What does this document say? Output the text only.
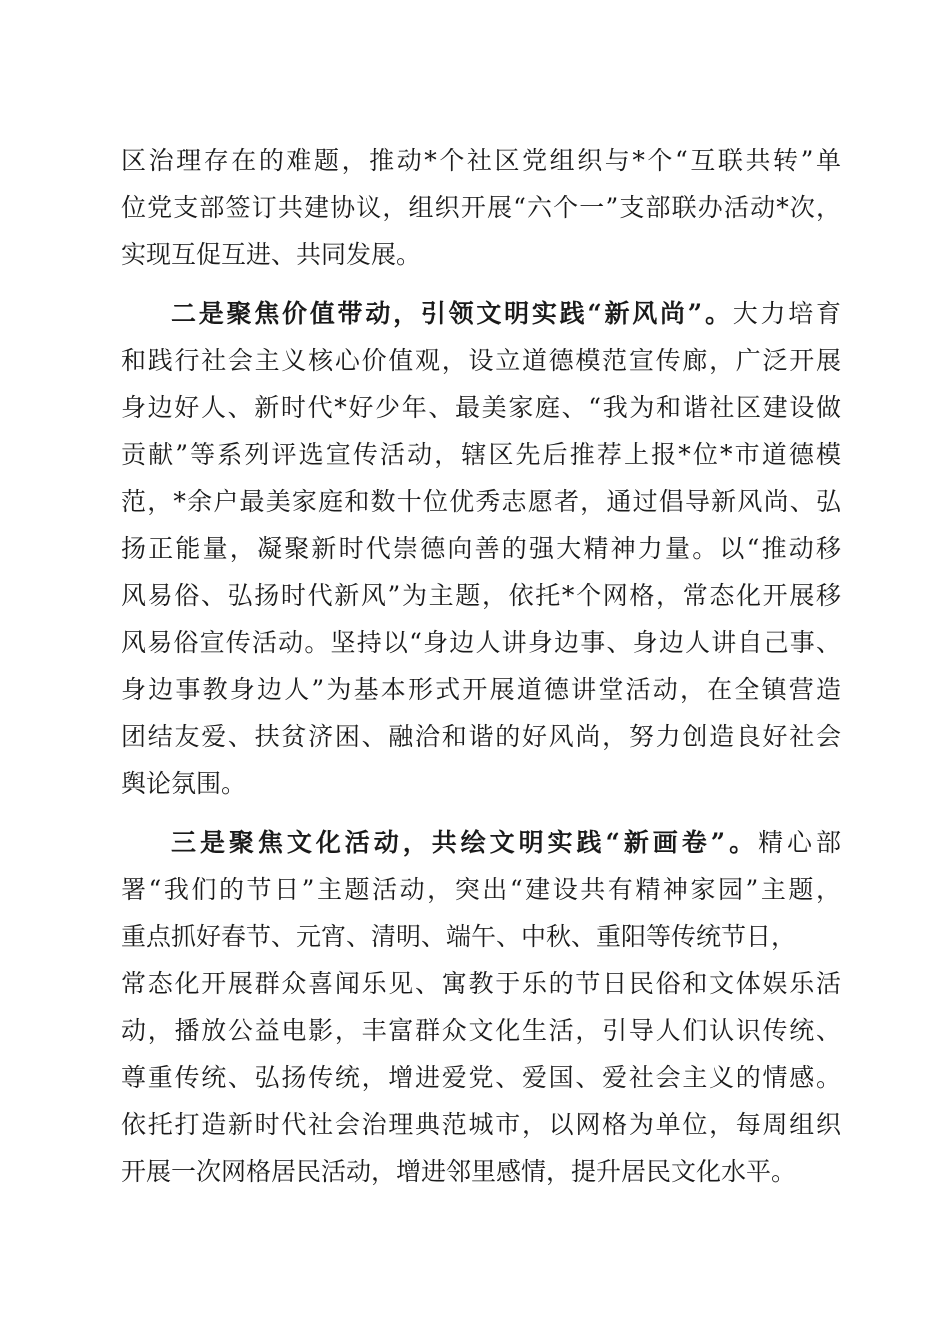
区治理存在的难题，推动*个社区党组织与*个“互联共转”单
位党支部签订共建协议，组织开展“六个一”支部联办活动*次，
实现互促互进、共同发展。
二是聚焦价值带动，引领文明实践“新风尚”。大力培育
和践行社会主义核心价值观，设立道德模范宣传廊，广泛开展
身边好人、新时代*好少年、最美家庭、“我为和谐社区建设做
贡献”等系列评选宣传活动，辖区先后推荐上报*位*市道德模
范，*余户最美家庭和数十位优秀志愿者，通过倡导新风尚、弘
扬正能量，凝聚新时代崇德向善的强大精神力量。以“推动移
风易俗、弘扬时代新风”为主题，依托*个网格，常态化开展移
风易俗宣传活动。坚持以“身边人讲身边事、身边人讲自己事、
身边事教身边人”为基本形式开展道德讲堂活动，在全镇营造
团结友爱、扶贫济困、融洽和谐的好风尚，努力创造良好社会
舆论氛围。
三是聚焦文化活动，共绘文明实践“新画卷”。精心部
署“我们的节日”主题活动，突出“建设共有精神家园”主题，
重点抓好春节、元宵、清明、端午、中秋、重阳等传统节日，
常态化开展群众喜闻乐见、寓教于乐的节日民俗和文体娱乐活
动，播放公益电影，丰富群众文化生活，引导人们认识传统、
尊重传统、弘扬传统，增进爱党、爱国、爱社会主义的情感。
依托打造新时代社会治理典范城市，以网格为单位，每周组织
开展一次网格居民活动，增进邻里感情，提升居民文化水平。
